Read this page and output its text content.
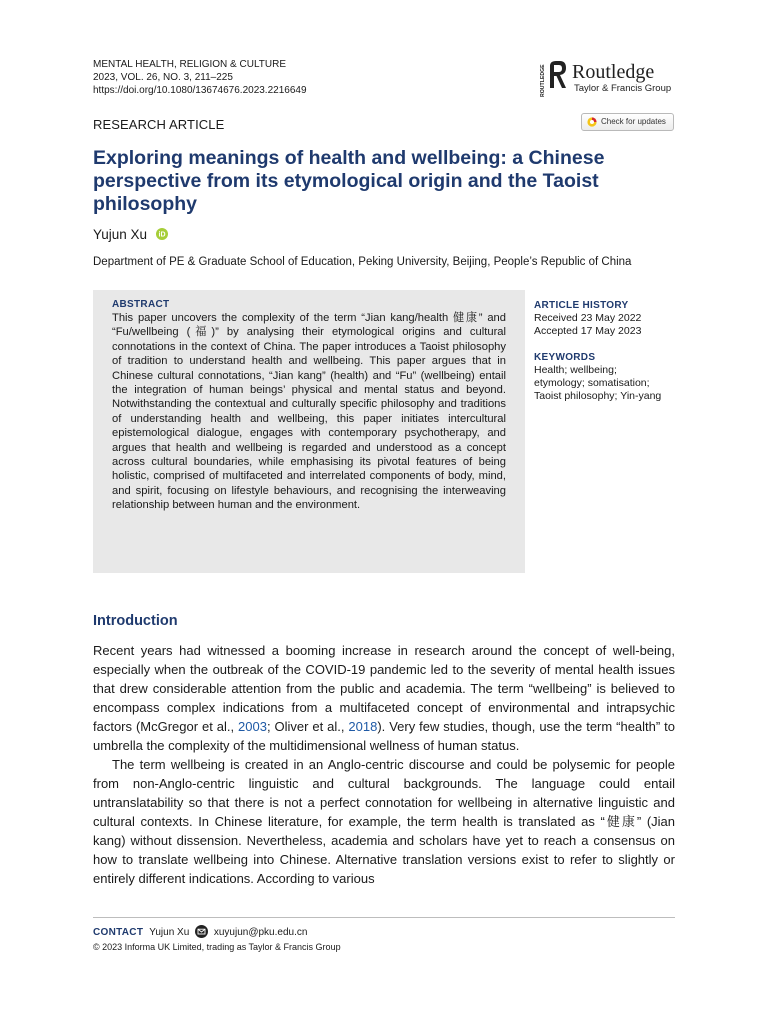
MENTAL HEALTH, RELIGION & CULTURE
2023, VOL. 26, NO. 3, 211–225
https://doi.org/10.1080/13674676.2023.2216649	ROUTLEDGE Routledge
Taylor & Francis Group
RESEARCH ARTICLE	Check for updates
Exploring meanings of health and wellbeing: a Chinese perspective from its etymological origin and the Taoist philosophy
Yujun Xu iD
Department of PE & Graduate School of Education, Peking University, Beijing, People’s Republic of China
ABSTRACT
This paper uncovers the complexity of the term “Jian kang/health 健康” and “Fu/wellbeing (福)” by analysing their etymological origins and cultural connotations in the context of China. The paper introduces a Taoist philosophy of tradition to understand health and wellbeing. This paper argues that in Chinese cultural connotations, “Jian kang” (health) and “Fu” (wellbeing) entail the integration of human beings’ physical and mental status and beyond. Notwithstanding the contextual and culturally specific philosophy and traditions of understanding health and wellbeing, this paper initiates intercultural epistemological dialogue, engages with contemporary psychotherapy, and argues that health and wellbeing is regarded and understood as a concept across cultural boundaries, while emphasising its pivotal features of being holistic, comprised of multifaceted and interrelated components of body, mind, and spirit, focusing on lifestyle behaviours, and recognising the interweaving relationship between human and the environment.
ARTICLE HISTORY
Received 23 May 2022
Accepted 17 May 2023
KEYWORDS
Health; wellbeing;
etymology; somatisation;
Taoist philosophy; Yin-yang
Introduction

Recent years had witnessed a booming increase in research around the concept of well-being, especially when the outbreak of the COVID-19 pandemic led to the severity of mental health issues that drew considerable attention from the public and academia. The term “wellbeing” is believed to encompass complex indications from a multifaceted concept of environmental and intrapsychic factors (McGregor et al., 2003; Oliver et al., 2018). Very few studies, though, use the term “health” to umbrella the complexity of the multidimensional wellness of human status.

The term wellbeing is created in an Anglo-centric discourse and could be polysemic for people from non-Anglo-centric linguistic and cultural backgrounds. The language could entail untranslatability so that there is not a perfect connotation for wellbeing in alternative linguistic and cultural contexts. In Chinese literature, for example, the term health is translated as “健康” (Jian kang) without dissension. Nevertheless, academia and scholars have yet to reach a consensus on how to translate wellbeing into Chinese. Alternative translation versions exist to refer to slightly or entirely different indications. According to various

CONTACT Yujun Xu xuyujun@pku.edu.cn
© 2023 Informa UK Limited, trading as Taylor & Francis Group
